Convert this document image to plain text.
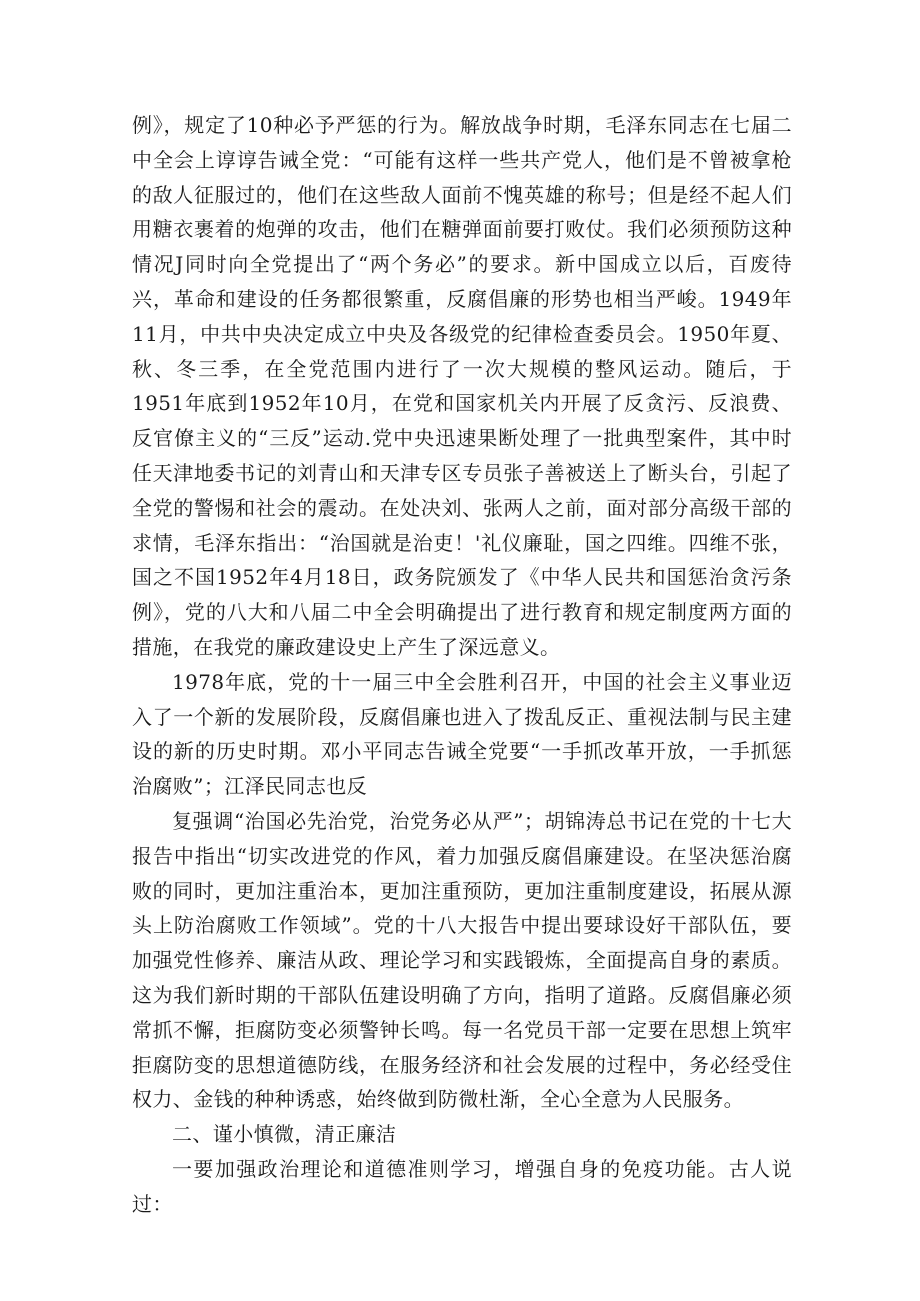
例》，规定了10种必予严惩的行为。解放战争时期，毛泽东同志在七届二中全会上谆谆告诫全党：“可能有这样一些共产党人，他们是不曾被拿枪的敌人征服过的，他们在这些敌人面前不愧英雄的称号；但是经不起人们用糖衣裹着的炮弹的攻击，他们在糖弹面前要打败仗。我们必须预防这种情况J同时向全党提出了“两个务必”的要求。新中国成立以后，百废待兴，革命和建设的任务都很繁重，反腐倡廉的形势也相当严峻。1949年11月，中共中央决定成立中央及各级党的纪律检查委员会。1950年夏、秋、冬三季，在全党范围内进行了一次大规模的整风运动。随后，于1951年底到1952年10月，在党和国家机关内开展了反贪污、反浪费、反官僚主义的“三反”运动.党中央迅速果断处理了一批典型案件，其中时任天津地委书记的刘青山和天津专区专员张子善被送上了断头台，引起了全党的警惕和社会的震动。在处决刘、张两人之前，面对部分高级干部的求情，毛泽东指出：“治国就是治吏！'礼仪廉耻，国之四维。四维不张，国之不国1952年4月18日，政务院颁发了《中华人民共和国惩治贪污条例》，党的八大和八届二中全会明确提出了进行教育和规定制度两方面的措施，在我党的廉政建设史上产生了深远意义。

1978年底，党的十一届三中全会胜利召开，中国的社会主义事业迈入了一个新的发展阶段，反腐倡廉也进入了拨乱反正、重视法制与民主建设的新的历史时期。邓小平同志告诫全党要“一手抓改革开放，一手抓惩治腐败”；江泽民同志也反

复强调“治国必先治党，治党务必从严”；胡锦涛总书记在党的十七大报告中指出“切实改进党的作风，着力加强反腐倡廉建设。在坚决惩治腐败的同时，更加注重治本，更加注重预防，更加注重制度建设，拓展从源头上防治腐败工作领域”。党的十八大报告中提出要球设好干部队伍，要加强党性修养、廉洁从政、理论学习和实践锻炼，全面提高自身的素质。这为我们新时期的干部队伍建设明确了方向，指明了道路。反腐倡廉必须常抓不懈，拒腐防变必须警钟长鸣。每一名党员干部一定要在思想上筑牢拒腐防变的思想道德防线，在服务经济和社会发展的过程中，务必经受住权力、金钱的种种诱惑，始终做到防微杜渐，全心全意为人民服务。

二、谨小慎微，清正廉洁

一要加强政治理论和道德准则学习，增强自身的免疫功能。古人说过：
